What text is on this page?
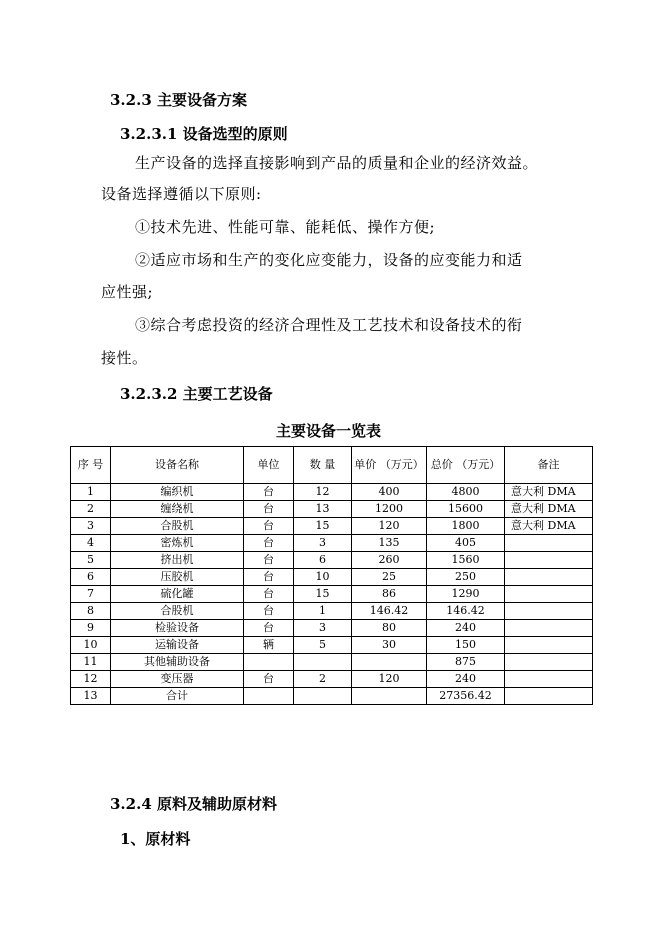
3.2.3 主要设备方案
3.2.3.1 设备选型的原则
生产设备的选择直接影响到产品的质量和企业的经济效益。
设备选择遵循以下原则:
①技术先进、性能可靠、能耗低、操作方便;
②适应市场和生产的变化应变能力，设备的应变能力和适
应性强;
③综合考虑投资的经济合理性及工艺技术和设备技术的衔
接性。
3.2.3.2 主要工艺设备
主要设备一览表
序 号	设备名称	单位	数 量	单价 （万元）	总价 （万元）	备注
1	编织机	台	12	400	4800	意大利 DMA
2	缠绕机	台	13	1200	15600	意大利 DMA
3	合股机	台	15	120	1800	意大利 DMA
4	密炼机	台	3	135	405	
5	挤出机	台	6	260	1560	
6	压胶机	台	10	25	250	
7	硫化罐	台	15	86	1290	
8	合股机	台	1	146.42	146.42	
9	检验设备	台	3	80	240	
10	运输设备	辆	5	30	150	
11	其他辅助设备				875	
12	变压器	台	2	120	240	
13	合计				27356.42	
3.2.4 原料及辅助原材料
1、原材料
